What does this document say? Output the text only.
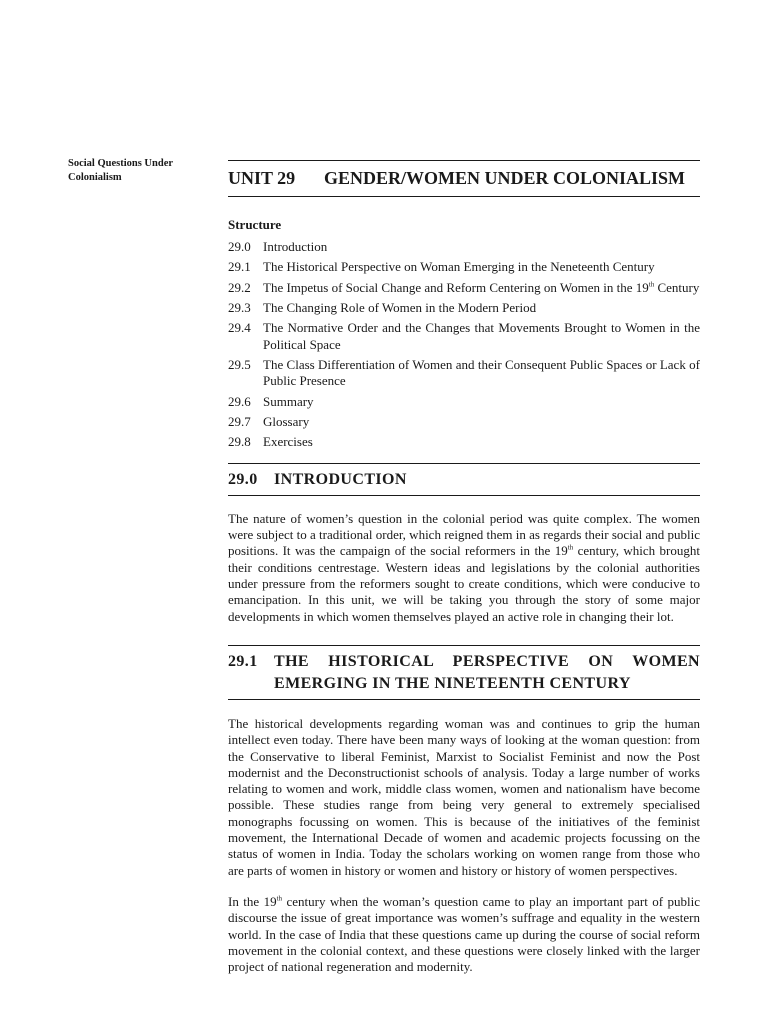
Social Questions Under Colonialism	UNIT 29	GENDER/WOMEN UNDER COLONIALISM
Structure
29.0 Introduction
29.1 The Historical Perspective on Woman Emerging in the Neneteenth Century
29.2 The Impetus of Social Change and Reform Centering on Women in the 19th Century
29.3 The Changing Role of Women in the Modern Period
29.4 The Normative Order and the Changes that Movements Brought to Women in the Political Space
29.5 The Class Differentiation of Women and their Consequent Public Spaces or Lack of Public Presence
29.6 Summary
29.7 Glossary
29.8 Exercises
29.0	INTRODUCTION

The nature of women’s question in the colonial period was quite complex. The women were subject to a traditional order, which reigned them in as regards their social and public positions. It was the campaign of the social reformers in the 19th century, which brought their conditions centrestage. Western ideas and legislations by the colonial authorities under pressure from the reformers sought to create conditions, which were conducive to emancipation. In this unit, we will be taking you through the story of some major developments in which women themselves played an active role in changing their lot.

29.1	THE HISTORICAL PERSPECTIVE ON WOMEN EMERGING IN THE NINETEENTH CENTURY

The historical developments regarding woman was and continues to grip the human intellect even today. There have been many ways of looking at the woman question: from the Conservative to liberal Feminist, Marxist to Socialist Feminist and now the Post modernist and the Deconstructionist schools of analysis. Today a large number of works relating to women and work, middle class women, women and nationalism have become possible. These studies range from being very general to extremely specialised monographs focussing on women. This is because of the initiatives of the feminist movement, the International Decade of women and academic projects focussing on the status of women in India. Today the scholars working on women range from those who are parts of women in history or women and history or history of women perspectives.

In the 19th century when the woman’s question came to play an important part of public discourse the issue of great importance was women’s suffrage and equality in the western world. In the case of India that these questions came up during the course of social reform movement in the colonial context, and these questions were closely linked with the larger project of national regeneration and modernity.
